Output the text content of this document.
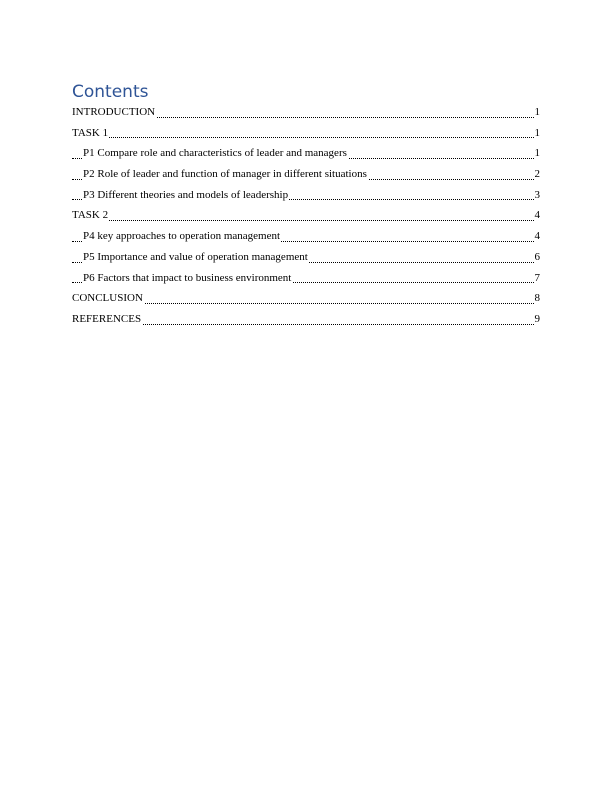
Contents
INTRODUCTION	1
TASK 1	1
P1 Compare role and characteristics of leader and managers	1
P2 Role of leader and function of manager in different situations	2
P3 Different theories and models of leadership	3
TASK 2	4
P4 key approaches to operation management	4
P5 Importance and value of operation management	6
P6 Factors that impact to business environment	7
CONCLUSION	8
REFERENCES	9
